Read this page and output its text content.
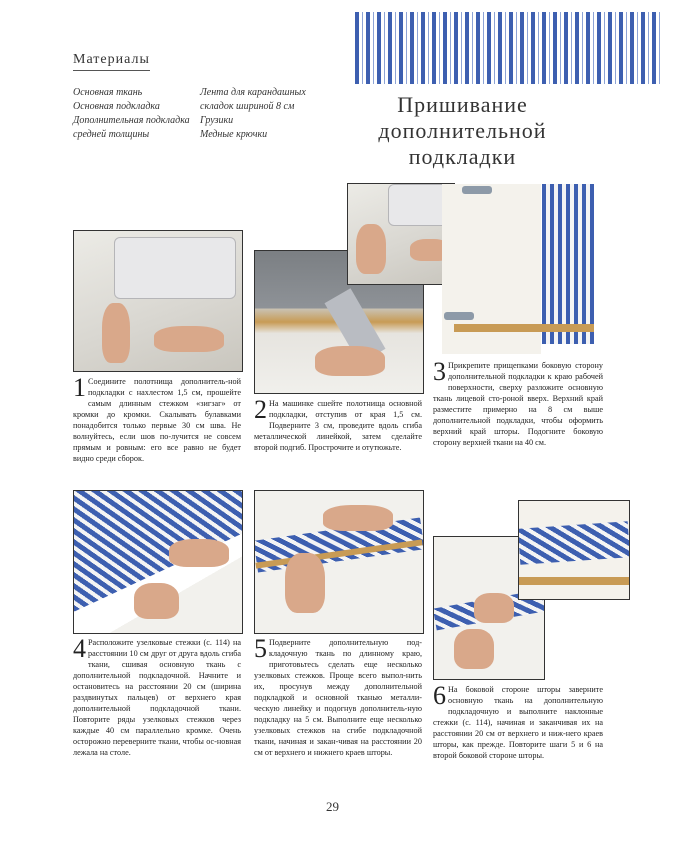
Материалы
Основная ткань
Основная подкладка
Дополнительная подкладка
средней толщины
Лента для карандашных
складок шириной 8 см
Грузики
Медные крючки
Пришивание
дополнительной
подкладки
1 Соедините полотнища дополнитель-ной подкладки с нахлестом 1,5 см, прошейте самым длинным стежком «зигзаг» от кромки до кромки. Скалывать булавками понадобится только первые 30 см шва. Не волнуйтесь, если шов по-лучится не совсем прямым и ровным: его все равно не будет видно среди сборок.
2 На машинке сшейте полотнища основной подкладки, отступив от края 1,5 см. Подверните 3 см, проведите вдоль сгиба металлической линейкой, затем сделайте второй подгиб. Прострочите и отутюжьте.
3 Прикрепите прищепками боковую сторону дополнительной подкладки к краю рабочей поверхности, сверху разложите основную ткань лицевой сто-роной вверх. Верхний край разместите примерно на 8 см выше дополнительной подкладки, чтобы оформить верхний край шторы. Подогните боковую сторону верхней ткани на 40 см.
4 Расположите узелковые стежки (с. 114) на расстоянии 10 см друг от друга вдоль сгиба ткани, сшивая основную ткань с дополнительной подкладочной. Начните и остановитесь на расстоянии 20 см (ширина раздвинутых пальцев) от верхнего края дополнительной подкладочной ткани. Повторите ряды узелковых стежков через каждые 40 см параллельно кромке. Очень осторожно переверните ткани, чтобы ос-новная лежала на столе.
5 Подверните дополнительную под-кладочную ткань по длинному краю, приготовьтесь сделать еще несколько узелковых стежков. Проще всего выпол-нить их, просунув между дополнительной подкладкой и основной тканью металли-ческую линейку и подогнув дополнитель-ную подкладку на 5 см. Выполните еще несколько узелковых стежков на сгибе подкладочной ткани, начиная и закан-чивая на расстоянии 20 см от верхнего и нижнего краев шторы.
6 На боковой стороне шторы заверните основную ткань на дополнительную подкладочную и выполните наклонные стежки (с. 114), начиная и заканчивая их на расстоянии 20 см от верхнего и ниж-него краев шторы, как прежде. Повторите шаги 5 и 6 на второй боковой стороне шторы.
29
